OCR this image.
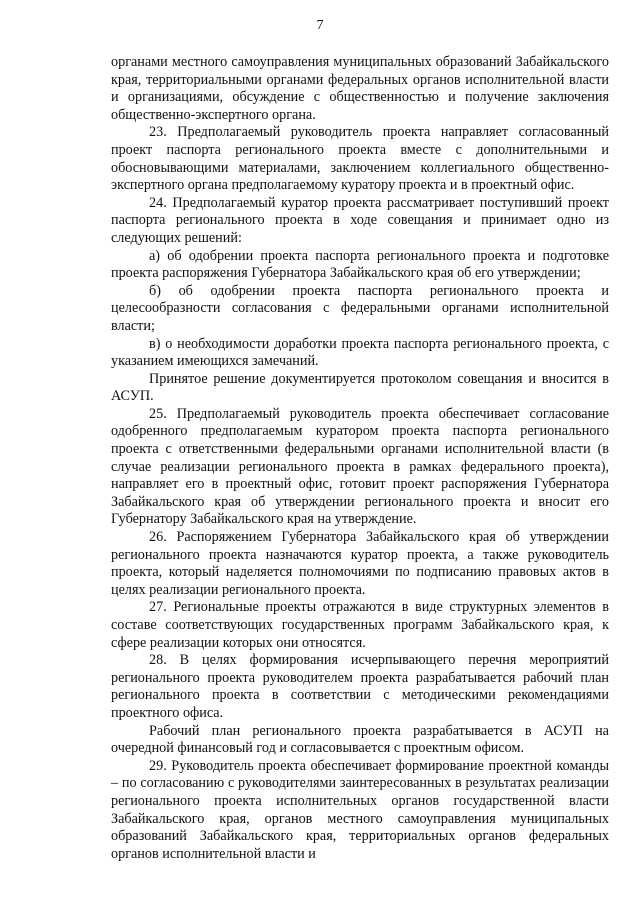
7

органами местного самоуправления муниципальных образований Забайкальского края, территориальными органами федеральных органов исполнительной власти и организациями, обсуждение с общественностью и получение заключения общественно-экспертного органа.

23. Предполагаемый руководитель проекта направляет согласованный проект паспорта регионального проекта вместе с дополнительными и обосновывающими материалами, заключением коллегиального общественно-экспертного органа предполагаемому куратору проекта и в проектный офис.

24. Предполагаемый куратор проекта рассматривает поступивший проект паспорта регионального проекта в ходе совещания и принимает одно из следующих решений:

а) об одобрении проекта паспорта регионального проекта и подготовке проекта распоряжения Губернатора Забайкальского края об его утверждении;

б) об одобрении проекта паспорта регионального проекта и целесообразности согласования с федеральными органами исполнительной власти;

в) о необходимости доработки проекта паспорта регионального проекта, с указанием имеющихся замечаний.

Принятое решение документируется протоколом совещания и вносится в АСУП.

25. Предполагаемый руководитель проекта обеспечивает согласование одобренного предполагаемым куратором проекта паспорта регионального проекта с ответственными федеральными органами исполнительной власти (в случае реализации регионального проекта в рамках федерального проекта), направляет его в проектный офис, готовит проект распоряжения Губернатора Забайкальского края об утверждении регионального проекта и вносит его Губернатору Забайкальского края на утверждение.

26. Распоряжением Губернатора Забайкальского края об утверждении регионального проекта назначаются куратор проекта, а также руководитель проекта, который наделяется полномочиями по подписанию правовых актов в целях реализации регионального проекта.

27. Региональные проекты отражаются в виде структурных элементов в составе соответствующих государственных программ Забайкальского края, к сфере реализации которых они относятся.

28. В целях формирования исчерпывающего перечня мероприятий регионального проекта руководителем проекта разрабатывается рабочий план регионального проекта в соответствии с методическими рекомендациями проектного офиса.

Рабочий план регионального проекта разрабатывается в АСУП на очередной финансовый год и согласовывается с проектным офисом.

29. Руководитель проекта обеспечивает формирование проектной команды – по согласованию с руководителями заинтересованных в результатах реализации регионального проекта исполнительных органов государственной власти Забайкальского края, органов местного самоуправления муниципальных образований Забайкальского края, территориальных органов федеральных органов исполнительной власти и
